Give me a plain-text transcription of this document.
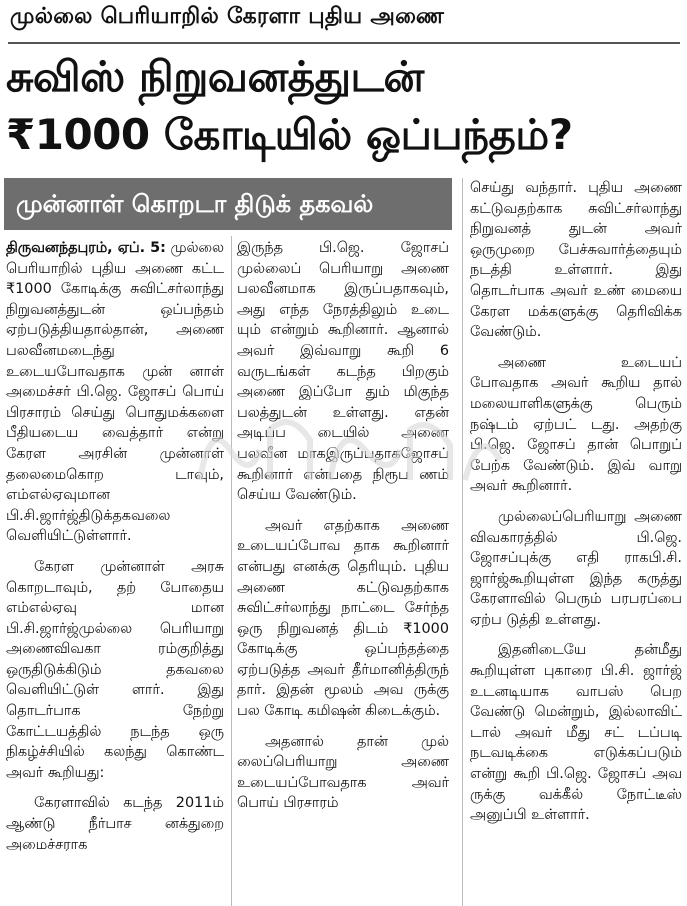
முல்லை பெரியாறில் கேரளா புதிய அணை
சுவிஸ் நிறுவனத்துடன்
₹1000 கோடியில் ஒப்பந்தம்?
முன்னாள் கொறடா திடுக் தகவல்

திருவனந்தபுரம், ஏப். 5: முல்லை பெரியாறில் புதிய அணை கட்ட ₹1000 கோடிக்கு சுவிட்சர்லாந்து நிறுவனத்துடன் ஒப்பந்தம் ஏற்படுத்தியதால்தான், அணை பலவீனமடைந்து உடையபோவதாக முன் னாள் அமைச்சர் பி.ஜெ. ஜோசப் பொய் பிரசாரம் செய்து பொதுமக்களை பீதியடைய வைத்தார் என்று கேரள அரசின் முன்னாள் தலைமைகொற டாவும், எம்எல்ஏவுமான பி.சி.ஜார்ஜ்திடுக்தகவலை வெளியிட்டுள்ளார்.

கேரள முன்னாள் அரசு கொறடாவும், தற் போதைய எம்எல்ஏவு மான பி.சி.ஜார்ஜ்முல்லை பெரியாறு அணைவிவகா ரம்குறித்து ஒருதிடுக்கிடும் தகவலை வெளியிட்டுள் ளார். இது தொடர்பாக நேற்று கோட்டயத்தில் நடந்த ஒரு நிகழ்ச்சியில் கலந்து கொண்ட அவர் கூறியது:

கேரளாவில் கடந்த 2011ம் ஆண்டு நீர்பாச னக்துறை அமைச்சராக

இருந்த பி.ஜெ. ஜோசப் முல்லைப் பெரியாறு அணை பலவீனமாக இருப்பதாகவும், அது எந்த நேரத்திலும் உடை யும் என்றும் கூறினார். ஆனால் அவர் இவ்வாறு கூறி 6 வருடங்கள் கடந்த பிறகும் அணை இப்போ தும் மிகுந்த பலத்துடன் உள்ளது. எதன் அடிப்ப டையில் அணை பலவீன மாகஇருப்பதாகஜோசப் கூறினார் என்பதை நிரூப ணம் செய்ய வேண்டும்.

அவர் எதற்காக அணை உடையப்போவ தாக கூறினார் என்பது எனக்கு தெரியும். புதிய அணை கட்டுவதற்காக சுவிட்சர்லாந்து நாட்டை சேர்ந்த ஒரு நிறுவனத் திடம் ₹1000 கோடிக்கு ஒப்பந்தத்தை ஏற்படுத்த அவர் தீர்மானித்திருந் தார். இதன் மூலம் அவ ருக்கு பல கோடி கமிஷன் கிடைக்கும்.

அதனால் தான் முல் லைப்பெரியாறு அணை உடையப்போவதாக அவர் பொய் பிரசாரம்

செய்து வந்தார். புதிய அணை கட்டுவதற்காக சுவிட்சர்லாந்து நிறுவனத் துடன் அவர் ஒருமுறை பேச்சுவார்த்தையும் நடத்தி உள்ளார். இது தொடர்பாக அவர் உண் மையை கேரள மக்களுக்கு தெரிவிக்க வேண்டும்.

அணை உடையப் போவதாக அவர் கூறிய தால் மலையாளிகளுக்கு பெரும் நஷ்டம் ஏற்பட் டது. அதற்கு பி.ஜெ. ஜோசப் தான் பொறுப் பேற்க வேண்டும். இவ் வாறு அவர் கூறினார்.

முல்லைப்பெரியாறு அணை விவகாரத்தில் பி.ஜெ. ஜோசப்புக்கு எதி ராகபி.சி. ஜார்ஜ்கூறியுள்ள இந்த கருத்து கேரளாவில் பெரும் பரபரப்பை ஏற்ப டுத்தி உள்ளது.

இதனிடையே தன்மீது கூறியுள்ள புகாரை பி.சி. ஜார்ஜ் உடனடியாக வாபஸ் பெற வேண்டு மென்றும், இல்லாவிட் டால் அவர் மீது சட் டப்படி நடவடிக்கை எடுக்கப்படும் என்று கூறி பி.ஜெ. ஜோசப் அவ ருக்கு வக்கீல் நோட்டீஸ் அனுப்பி உள்ளார்.
